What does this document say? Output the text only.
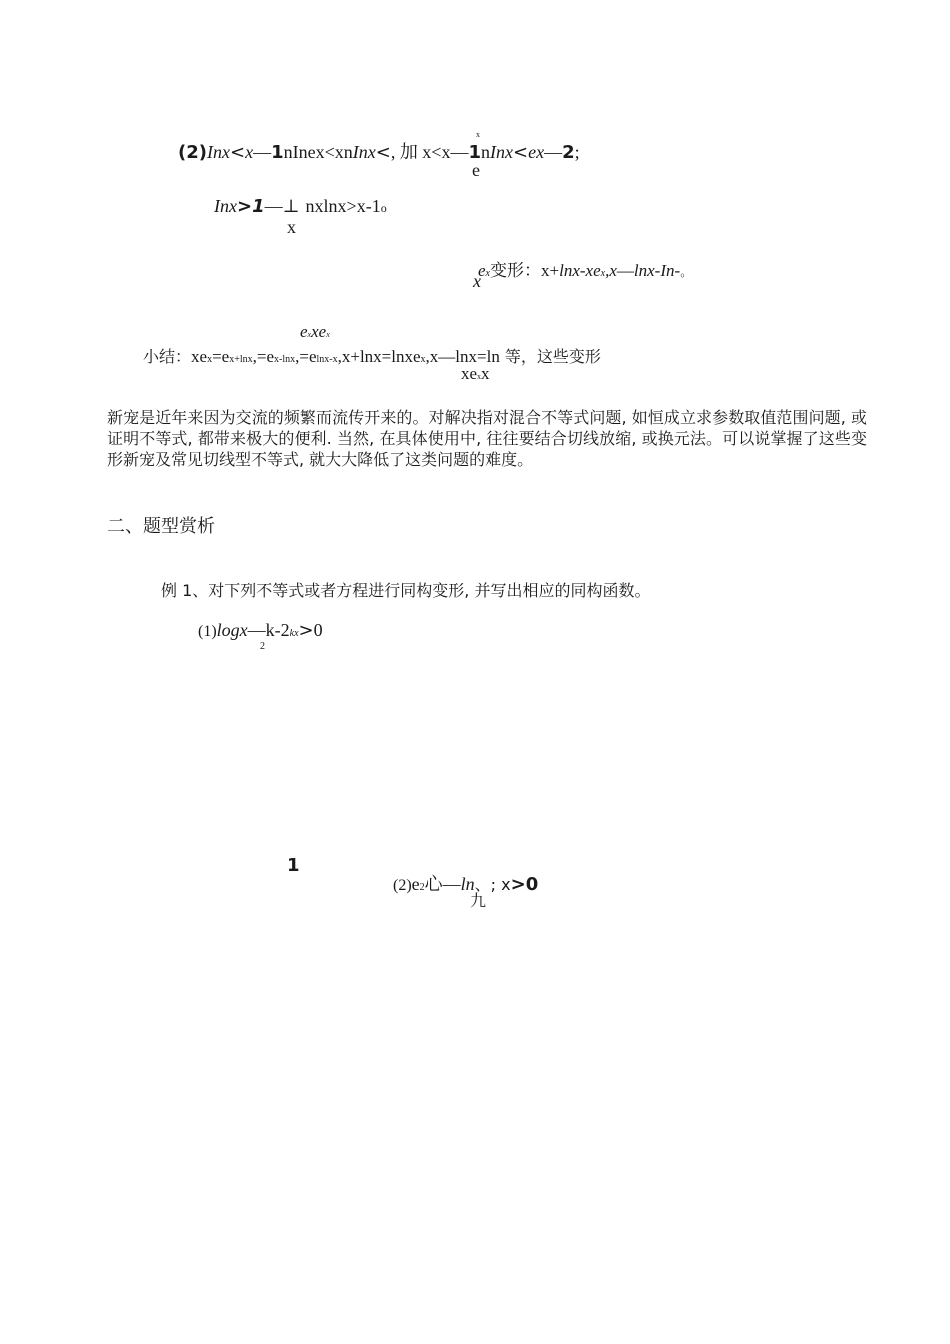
(2)Inx<x—1nInex<xnInx<, 加 x<x—1nInx<ex—2;
x
e
Inx>1—⊥ nxlnx>x-1o
x
ex变形：x+lnx-xex,x—lnx-In-。
x
exxex
小结：xex=ex+lnx,=ex-lnx,=elnx-x,x+lnx=lnxex,x—lnx=ln 等，这些变形
xexx
新宠是近年来因为交流的频繁而流传开来的。对解决指对混合不等式问题, 如恒成立求参数取值范围问题, 或证明不等式, 都带来极大的便利. 当然, 在具体使用中, 往往要结合切线放缩, 或换元法。可以说掌握了这些变形新宠及常见切线型不等式, 就大大降低了这类问题的难度。
二、题型赏析
例 1、对下列不等式或者方程进行同构变形, 并写出相应的同构函数。
(1)logx—k-2kx>0
2
1
(2)e2心—ln、; x>0
九
